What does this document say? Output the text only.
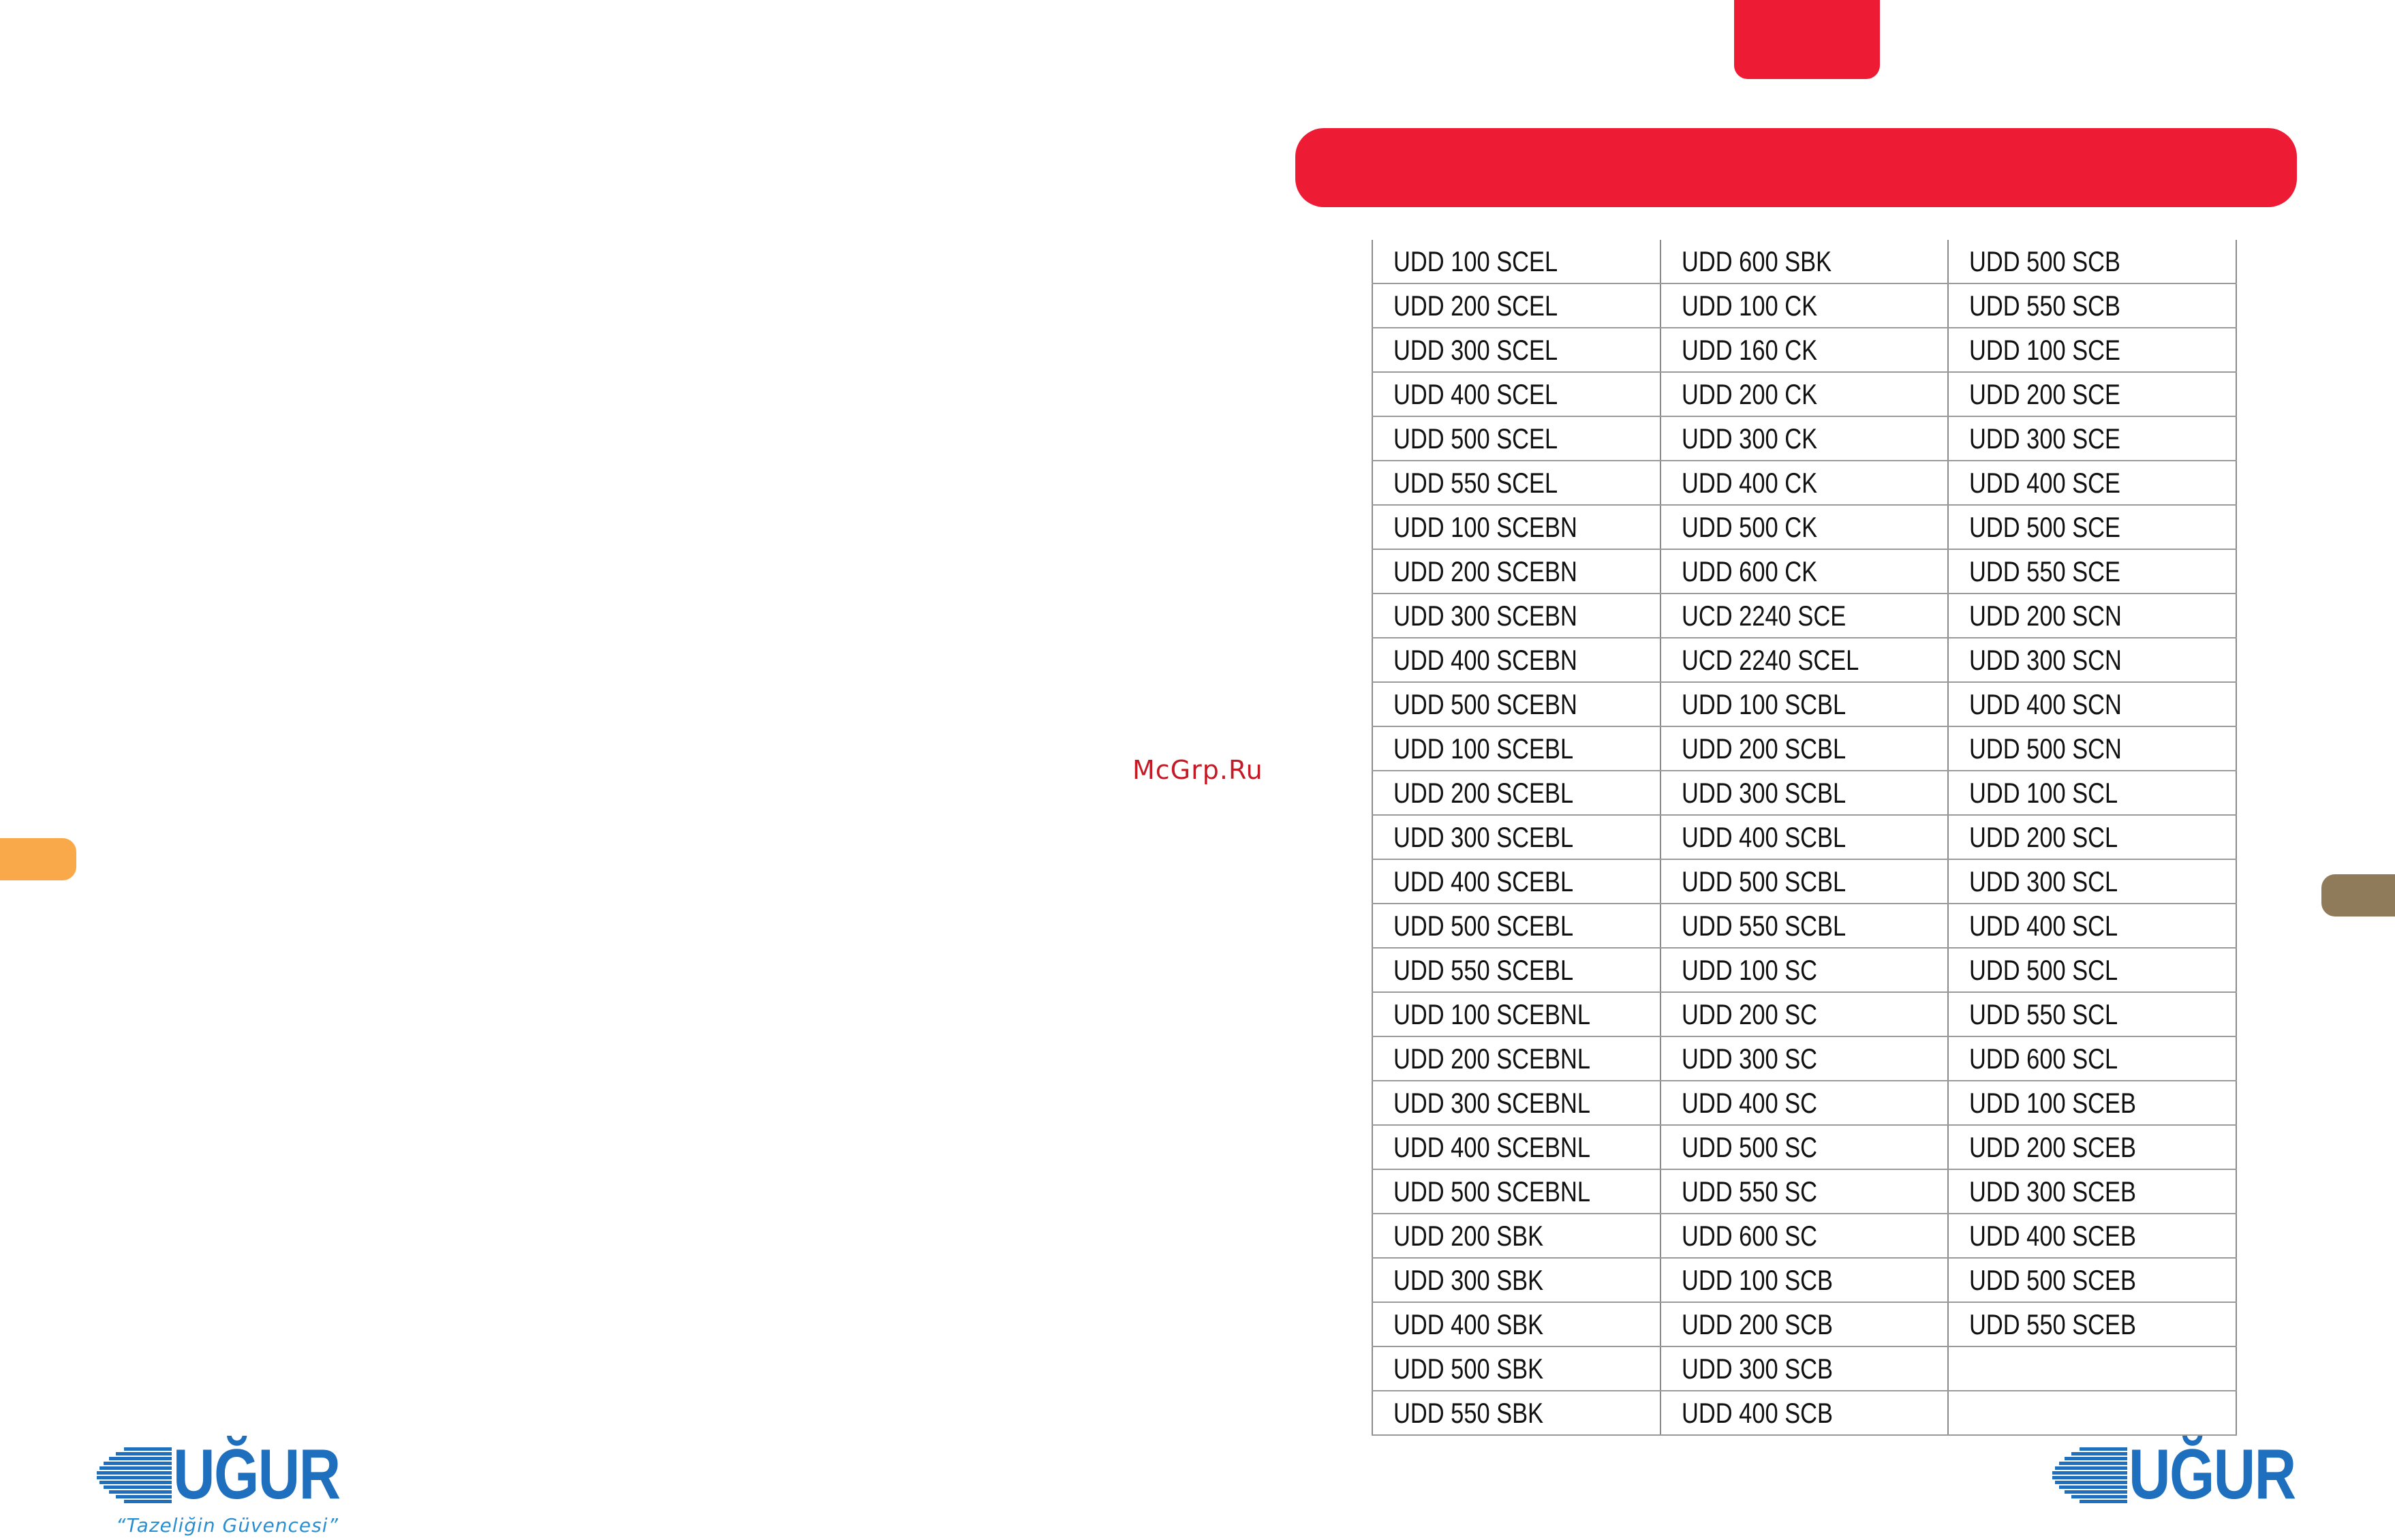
McGrp.Ru
UDD 100 SCEL	UDD 600 SBK	UDD 500 SCB
UDD 200 SCEL	UDD 100 CK	UDD 550 SCB
UDD 300 SCEL	UDD 160 CK	UDD 100 SCE
UDD 400 SCEL	UDD 200 CK	UDD 200 SCE
UDD 500 SCEL	UDD 300 CK	UDD 300 SCE
UDD 550 SCEL	UDD 400 CK	UDD 400 SCE
UDD 100 SCEBN	UDD 500 CK	UDD 500 SCE
UDD 200 SCEBN	UDD 600 CK	UDD 550 SCE
UDD 300 SCEBN	UCD 2240 SCE	UDD 200 SCN
UDD 400 SCEBN	UCD 2240 SCEL	UDD 300 SCN
UDD 500 SCEBN	UDD 100 SCBL	UDD 400 SCN
UDD 100 SCEBL	UDD 200 SCBL	UDD 500 SCN
UDD 200 SCEBL	UDD 300 SCBL	UDD 100 SCL
UDD 300 SCEBL	UDD 400 SCBL	UDD 200 SCL
UDD 400 SCEBL	UDD 500 SCBL	UDD 300 SCL
UDD 500 SCEBL	UDD 550 SCBL	UDD 400 SCL
UDD 550 SCEBL	UDD 100 SC	UDD 500 SCL
UDD 100 SCEBNL	UDD 200 SC	UDD 550 SCL
UDD 200 SCEBNL	UDD 300 SC	UDD 600 SCL
UDD 300 SCEBNL	UDD 400 SC	UDD 100 SCEB
UDD 400 SCEBNL	UDD 500 SC	UDD 200 SCEB
UDD 500 SCEBNL	UDD 550 SC	UDD 300 SCEB
UDD 200 SBK	UDD 600 SC	UDD 400 SCEB
UDD 300 SBK	UDD 100 SCB	UDD 500 SCEB
UDD 400 SBK	UDD 200 SCB	UDD 550 SCEB
UDD 500 SBK	UDD 300 SCB	
UDD 550 SBK	UDD 400 SCB	
UĞUR
“Tazeliğin Güvencesi”
UĞUR
